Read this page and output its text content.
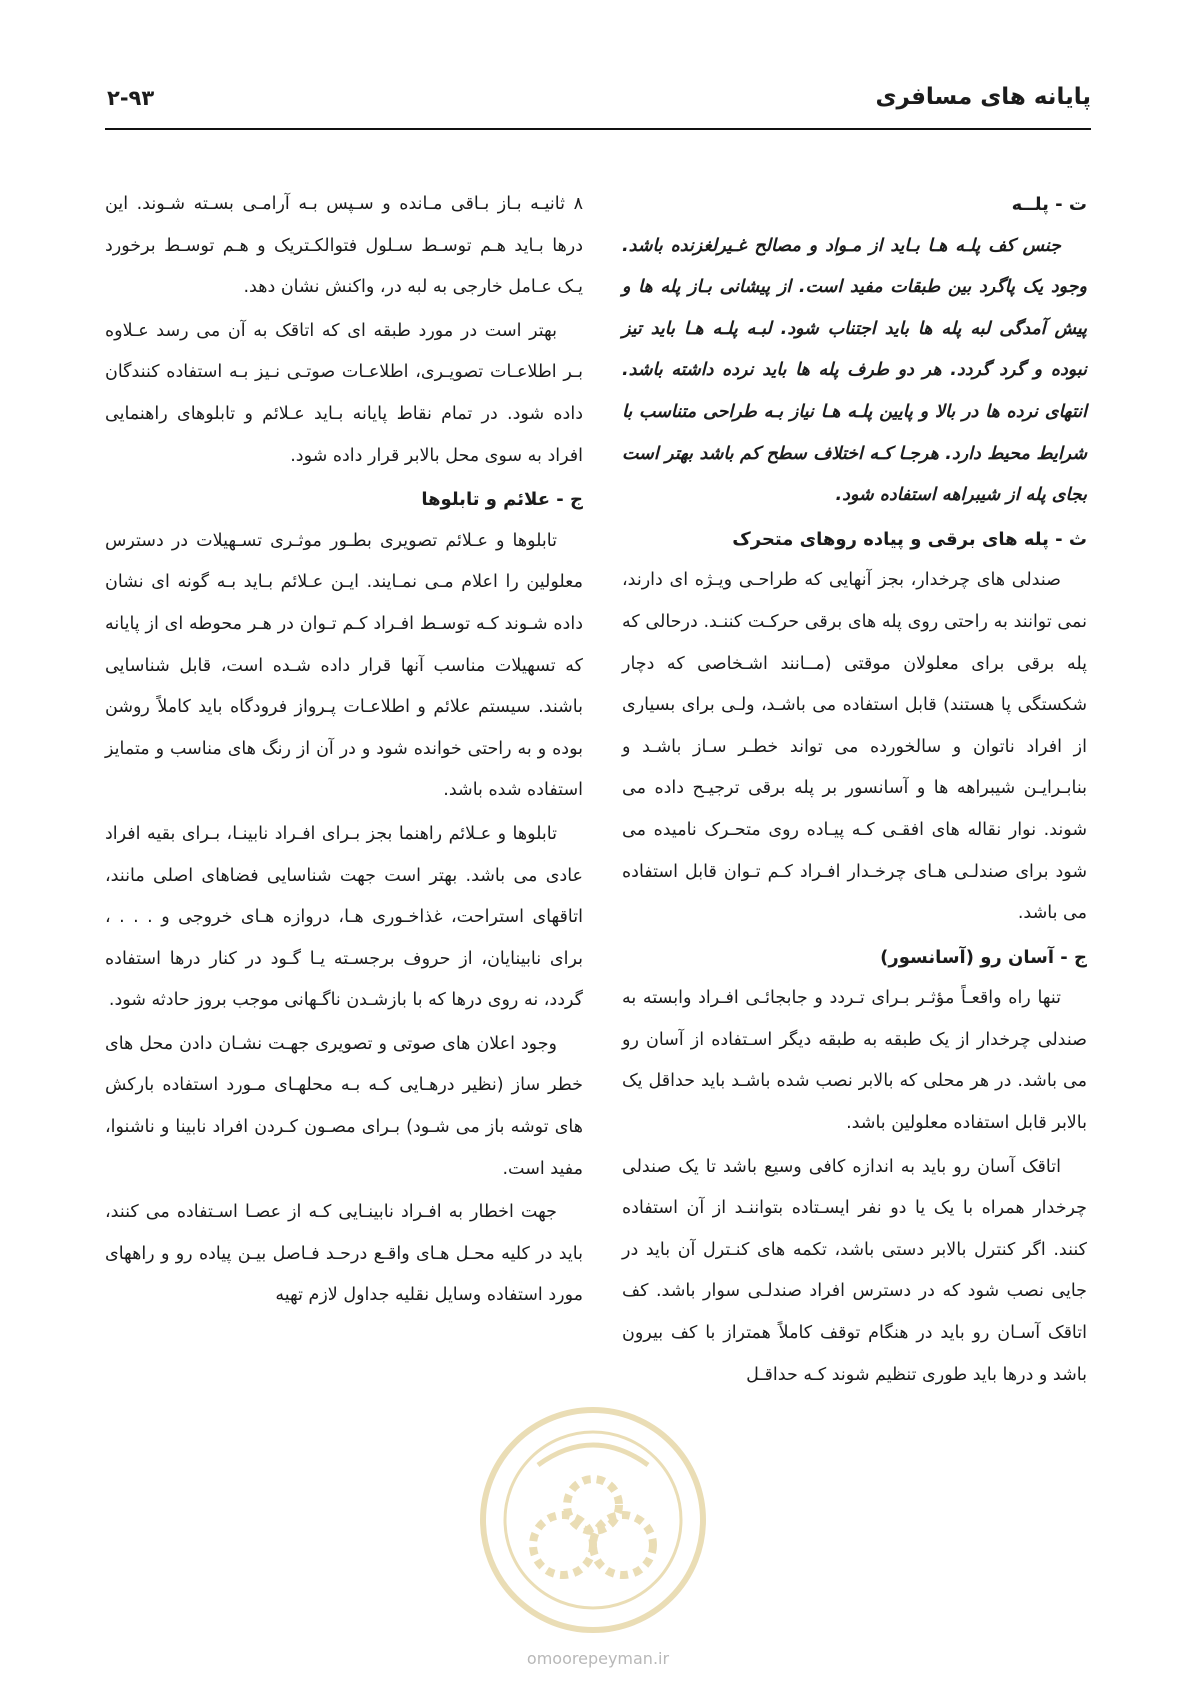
پایانه های مسافری
۲-۹۳

ت - پلــه

جنس کف پلـه هـا بـاید از مـواد و مصالح غـیرلغزنده باشد. وجود یک پاگرد بین طبقات مفید است. از پیشانی بـاز پله ها و پیش آمدگی لبه پله ها باید اجتناب شود. لبـه پلـه هـا باید تیز نبوده و گرد گردد. هر دو طرف پله ها باید نرده داشته باشد. انتهای نرده ها در بالا و پایین پلـه هـا نیاز بـه طراحی متناسب با شرایط محیط دارد. هرجـا کـه اختلاف سطح کم باشد بهتر است بجای پله از شیبراهه استفاده شود.

ث - پله های برقی و پیاده روهای متحرک

صندلی های چرخدار، بجز آنهایی که طراحـی ویـژه ای دارند، نمی توانند به راحتی روی پله های برقی حرکـت کننـد. درحالی که پله برقی برای معلولان موقتی (مــانند اشـخاصی که دچار شکستگی پا هستند) قابل استفاده می باشـد، ولـی برای بسیاری از افراد ناتوان و سالخورده می تواند خطـر سـاز باشـد و بنابـرایـن شیبراهه ها و آسانسور بر پله برقی ترجیـح داده می شوند. نوار نقاله های افقـی کـه پیـاده روی متحـرک نامیده می شود برای صندلـی هـای چرخـدار افـراد کـم تـوان قابل استفاده می باشد.

ج - آسان رو (آسانسور)

تنها راه واقعـاً مؤثـر بـرای تـردد و جابجائـی افـراد وابسته به صندلی چرخدار از یک طبقه به طبقه دیگر اسـتفاده از آسان رو می باشد. در هر محلی که بالابر نصب شده باشـد باید حداقل یک بالابر قابل استفاده معلولین باشد.

اتاقک آسان رو باید به اندازه کافی وسیع باشد تا یک صندلی چرخدار همراه با یک یا دو نفر ایسـتاده بتواننـد از آن استفاده کنند. اگر کنترل بالابر دستی باشد، تکمه های کنـترل آن باید در جایی نصب شود که در دسترس افراد صندلـی سوار باشد. کف اتاقک آسـان رو باید در هنگام توقف کاملاً همتراز با کف بیرون باشد و درها باید طوری تنظیم شوند کـه حداقـل

۸ ثانیـه بـاز بـاقی مـانده و سـپس بـه آرامـی بسـته شـوند. این درها بـاید هـم توسـط سـلول فتوالکـتریک و هـم توسـط برخورد یـک عـامل خارجی به لبه در، واکنش نشان دهد.

بهتر است در مورد طبقه ای که اتاقک به آن می رسد عـلاوه بـر اطلاعـات تصویـری، اطلاعـات صوتـی نـیز بـه استفاده کنندگان داده شود. در تمام نقاط پایانه بـاید عـلائم و تابلوهای راهنمایی افراد به سوی محل بالابر قرار داده شود.

ج - علائم و تابلوها

تابلوها و عـلائم تصویری بطـور موثـری تسـهیلات در دسترس معلولین را اعلام مـی نمـایند. ایـن عـلائم بـاید بـه گونه ای نشان داده شـوند کـه توسـط افـراد کـم تـوان در هـر محوطه ای از پایانه که تسهیلات مناسب آنها قرار داده شـده است، قابل شناسایی باشند. سیستم علائم و اطلاعـات پـرواز فرودگاه باید کاملاً روشن بوده و به راحتی خوانده شود و در آن از رنگ های مناسب و متمایز استفاده شده باشد.

تابلوها و عـلائم راهنما بجز بـرای افـراد نابینـا، بـرای بقیه افراد عادی می باشد. بهتر است جهت شناسایی فضاهای اصلی مانند، اتاقهای استراحت، غذاخـوری هـا، دروازه هـای خروجی و . . . ، برای نابینایان، از حروف برجسـته یـا گـود در کنار درها استفاده گردد، نه روی درها که با بازشـدن ناگـهانی موجب بروز حادثه شود.

وجود اعلان های صوتی و تصویری جهـت نشـان دادن محل های خطر ساز (نظیر درهـایی کـه بـه محلهـای مـورد استفاده بارکش های توشه باز می شـود) بـرای مصـون کـردن افراد نابینا و ناشنوا، مفید است.

جهت اخطار به افـراد نابینـایی کـه از عصـا اسـتفاده می کنند، باید در کلیه محـل هـای واقـع درحـد فـاصل بیـن پیاده رو و راههای مورد استفاده وسایل نقلیه جداول لازم تهیه

omoorepeyman.ir
